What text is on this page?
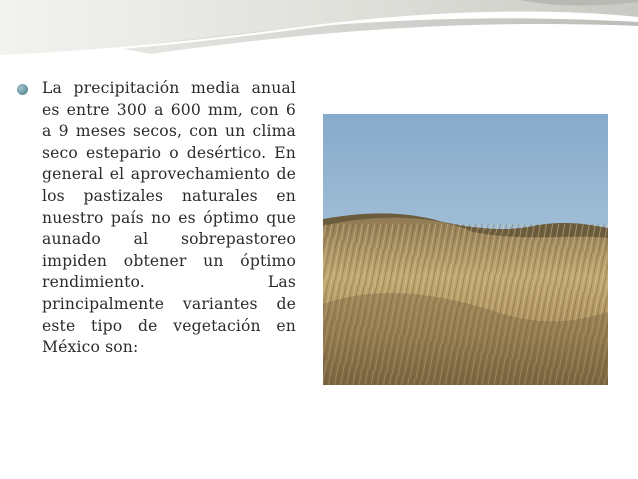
La precipitación media anual es entre 300 a 600 mm, con 6 a 9 meses secos, con un clima seco estepario o desértico. En general el aprovechamiento de los pastizales naturales en nuestro país no es óptimo que aunado al sobrepastoreo impiden obtener un óptimo rendimiento. Las principalmente variantes de este tipo de vegetación en México son:
